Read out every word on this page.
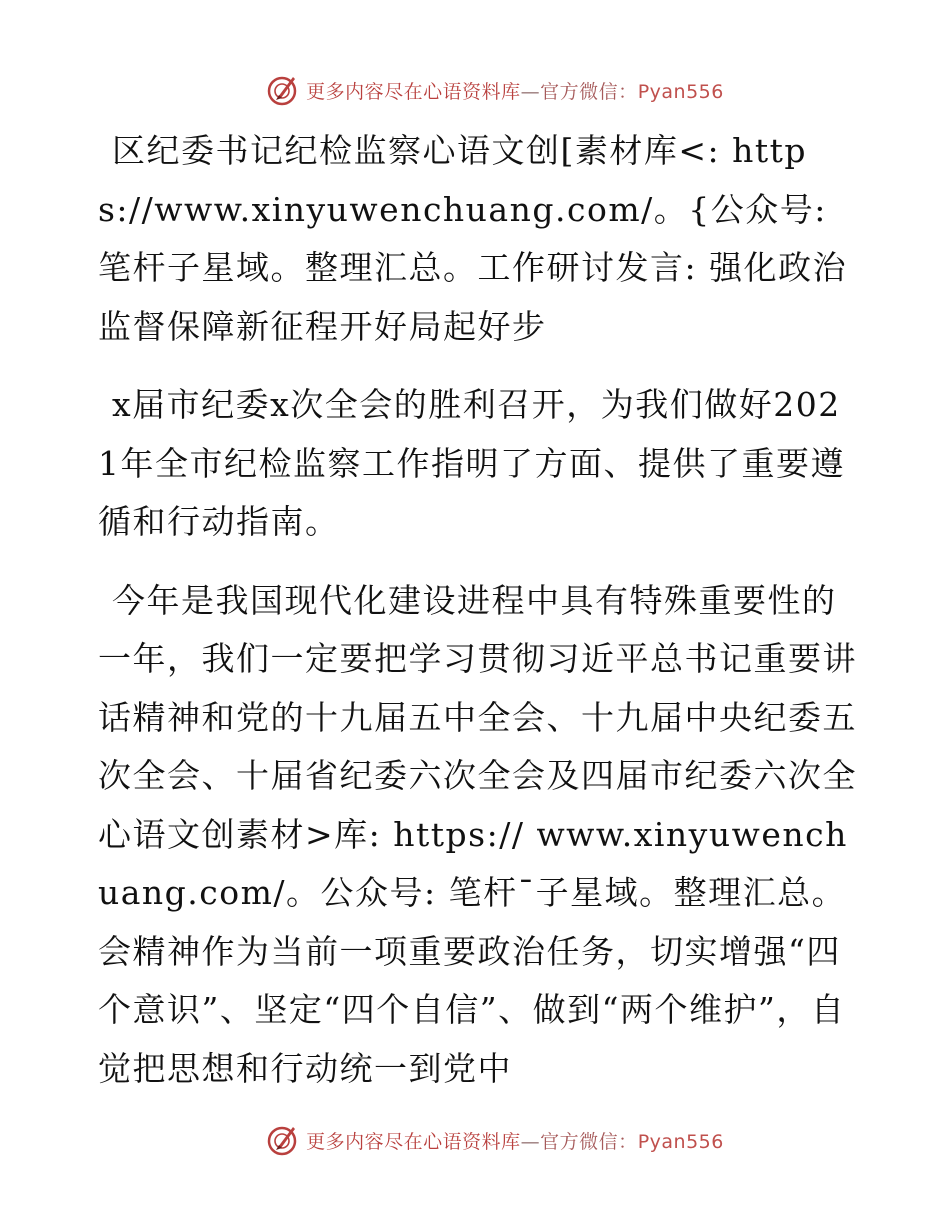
更多内容尽在心语资料库—官方微信：Pyan556

区纪委书记纪检监察心语文创[素材库<: https://www.xinyuwenchuang.com/。{公众号: 笔杆子星域。整理汇总。工作研讨发言: 强化政治监督保障新征程开好局起好步

x届市纪委x次全会的胜利召开，为我们做好2021年全市纪检监察工作指明了方面、提供了重要遵循和行动指南。

今年是我国现代化建设进程中具有特殊重要性的一年，我们一定要把学习贯彻习近平总书记重要讲话精神和党的十九届五中全会、十九届中央纪委五次全会、十届省纪委六次全会及四届市纪委六次全心语文创素材>库: https:// www.xinyuwenchuang.com/。公众号: 笔杆¯子星域。整理汇总。会精神作为当前一项重要政治任务，切实增强“四个意识”、坚定“四个自信”、做到“两个维护”，自觉把思想和行动统一到党中

更多内容尽在心语资料库—官方微信：Pyan556
